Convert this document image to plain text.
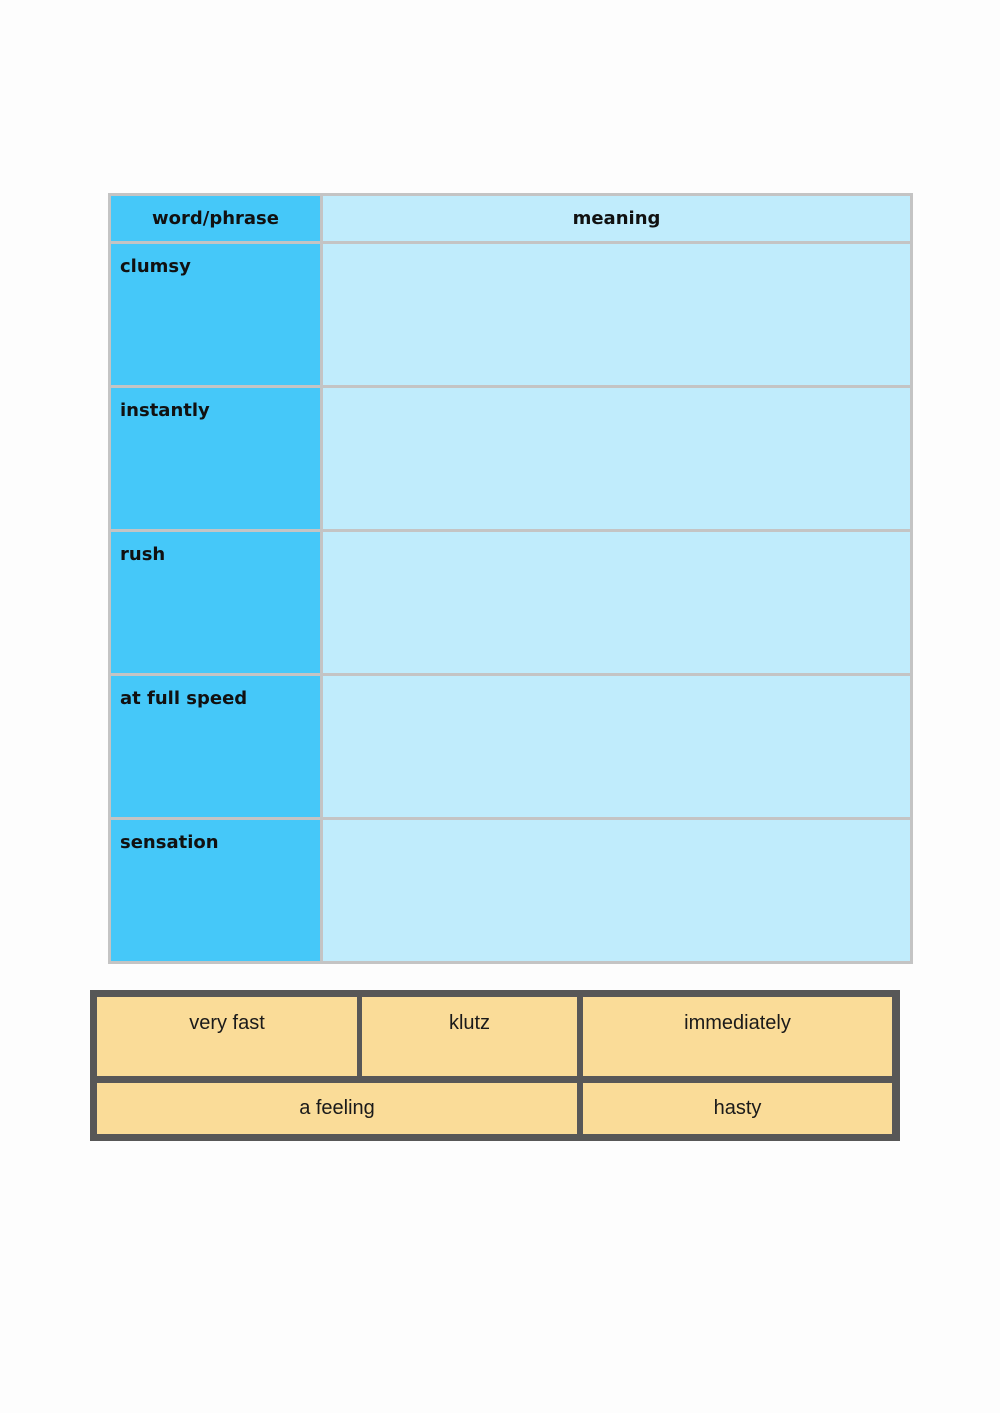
word/phrase	meaning

clumsy	

instantly	

rush	

at full speed	

sensation	

very fast	klutz	immediately
a feeling	hasty
